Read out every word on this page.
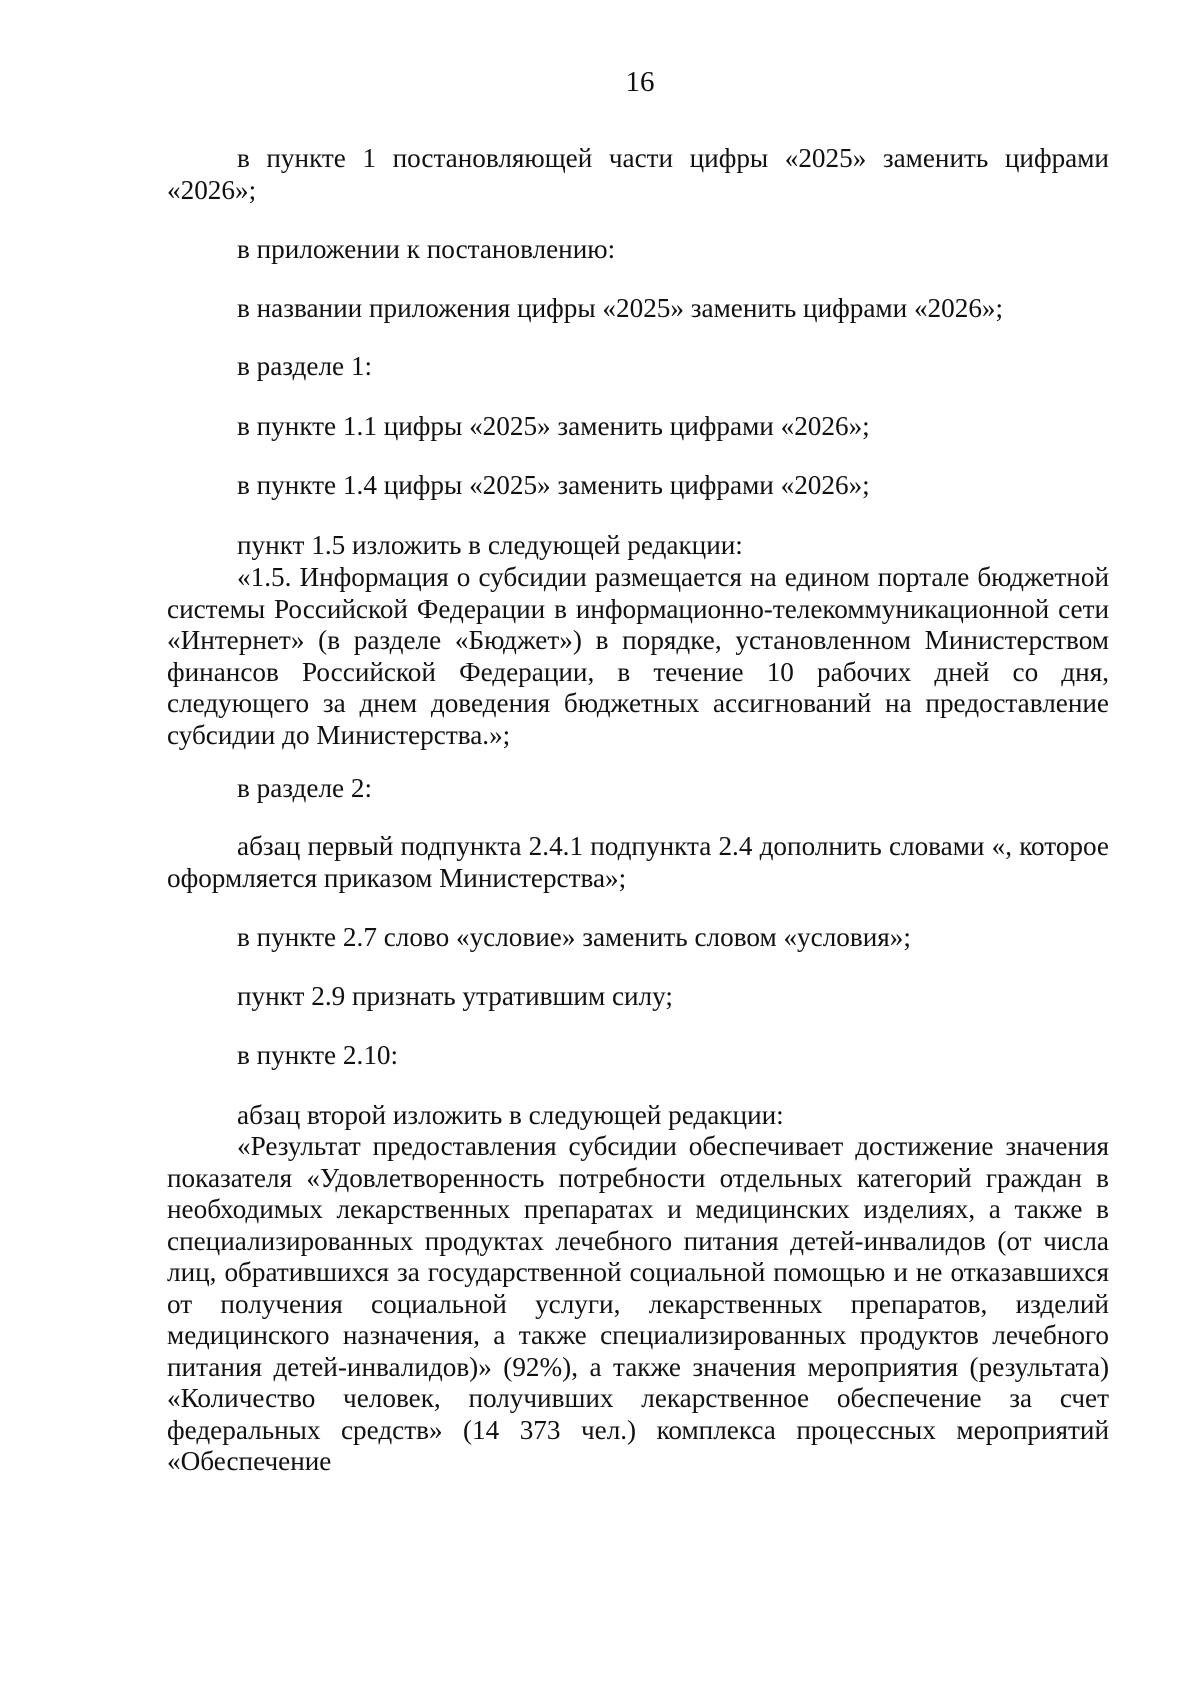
16

в пункте 1 постановляющей части цифры «2025» заменить цифрами «2026»;

в приложении к постановлению:

в названии приложения цифры «2025» заменить цифрами «2026»;

в разделе 1:

в пункте 1.1 цифры «2025» заменить цифрами «2026»;

в пункте 1.4 цифры «2025» заменить цифрами «2026»;

пункт 1.5 изложить в следующей редакции:

«1.5. Информация о субсидии размещается на едином портале бюджетной системы Российской Федерации в информационно-телекоммуникационной сети «Интернет» (в разделе «Бюджет») в порядке, установленном Министерством финансов Российской Федерации, в течение 10 рабочих дней со дня, следующего за днем доведения бюджетных ассигнований на предоставление субсидии до Министерства.»;

в разделе 2:

абзац первый подпункта 2.4.1 подпункта 2.4 дополнить словами «, которое оформляется приказом Министерства»;

в пункте 2.7 слово «условие» заменить словом «условия»;

пункт 2.9 признать утратившим силу;

в пункте 2.10:

абзац второй изложить в следующей редакции:

«Результат предоставления субсидии обеспечивает достижение значения показателя «Удовлетворенность потребности отдельных категорий граждан в необходимых лекарственных препаратах и медицинских изделиях, а также в специализированных продуктах лечебного питания детей-инвалидов (от числа лиц, обратившихся за государственной социальной помощью и не отказавшихся от получения социальной услуги, лекарственных препаратов, изделий медицинского назначения, а также специализированных продуктов лечебного питания детей-инвалидов)» (92%), а также значения мероприятия (результата) «Количество человек, получивших лекарственное обеспечение за счет федеральных средств» (14 373 чел.) комплекса процессных мероприятий «Обеспечение
